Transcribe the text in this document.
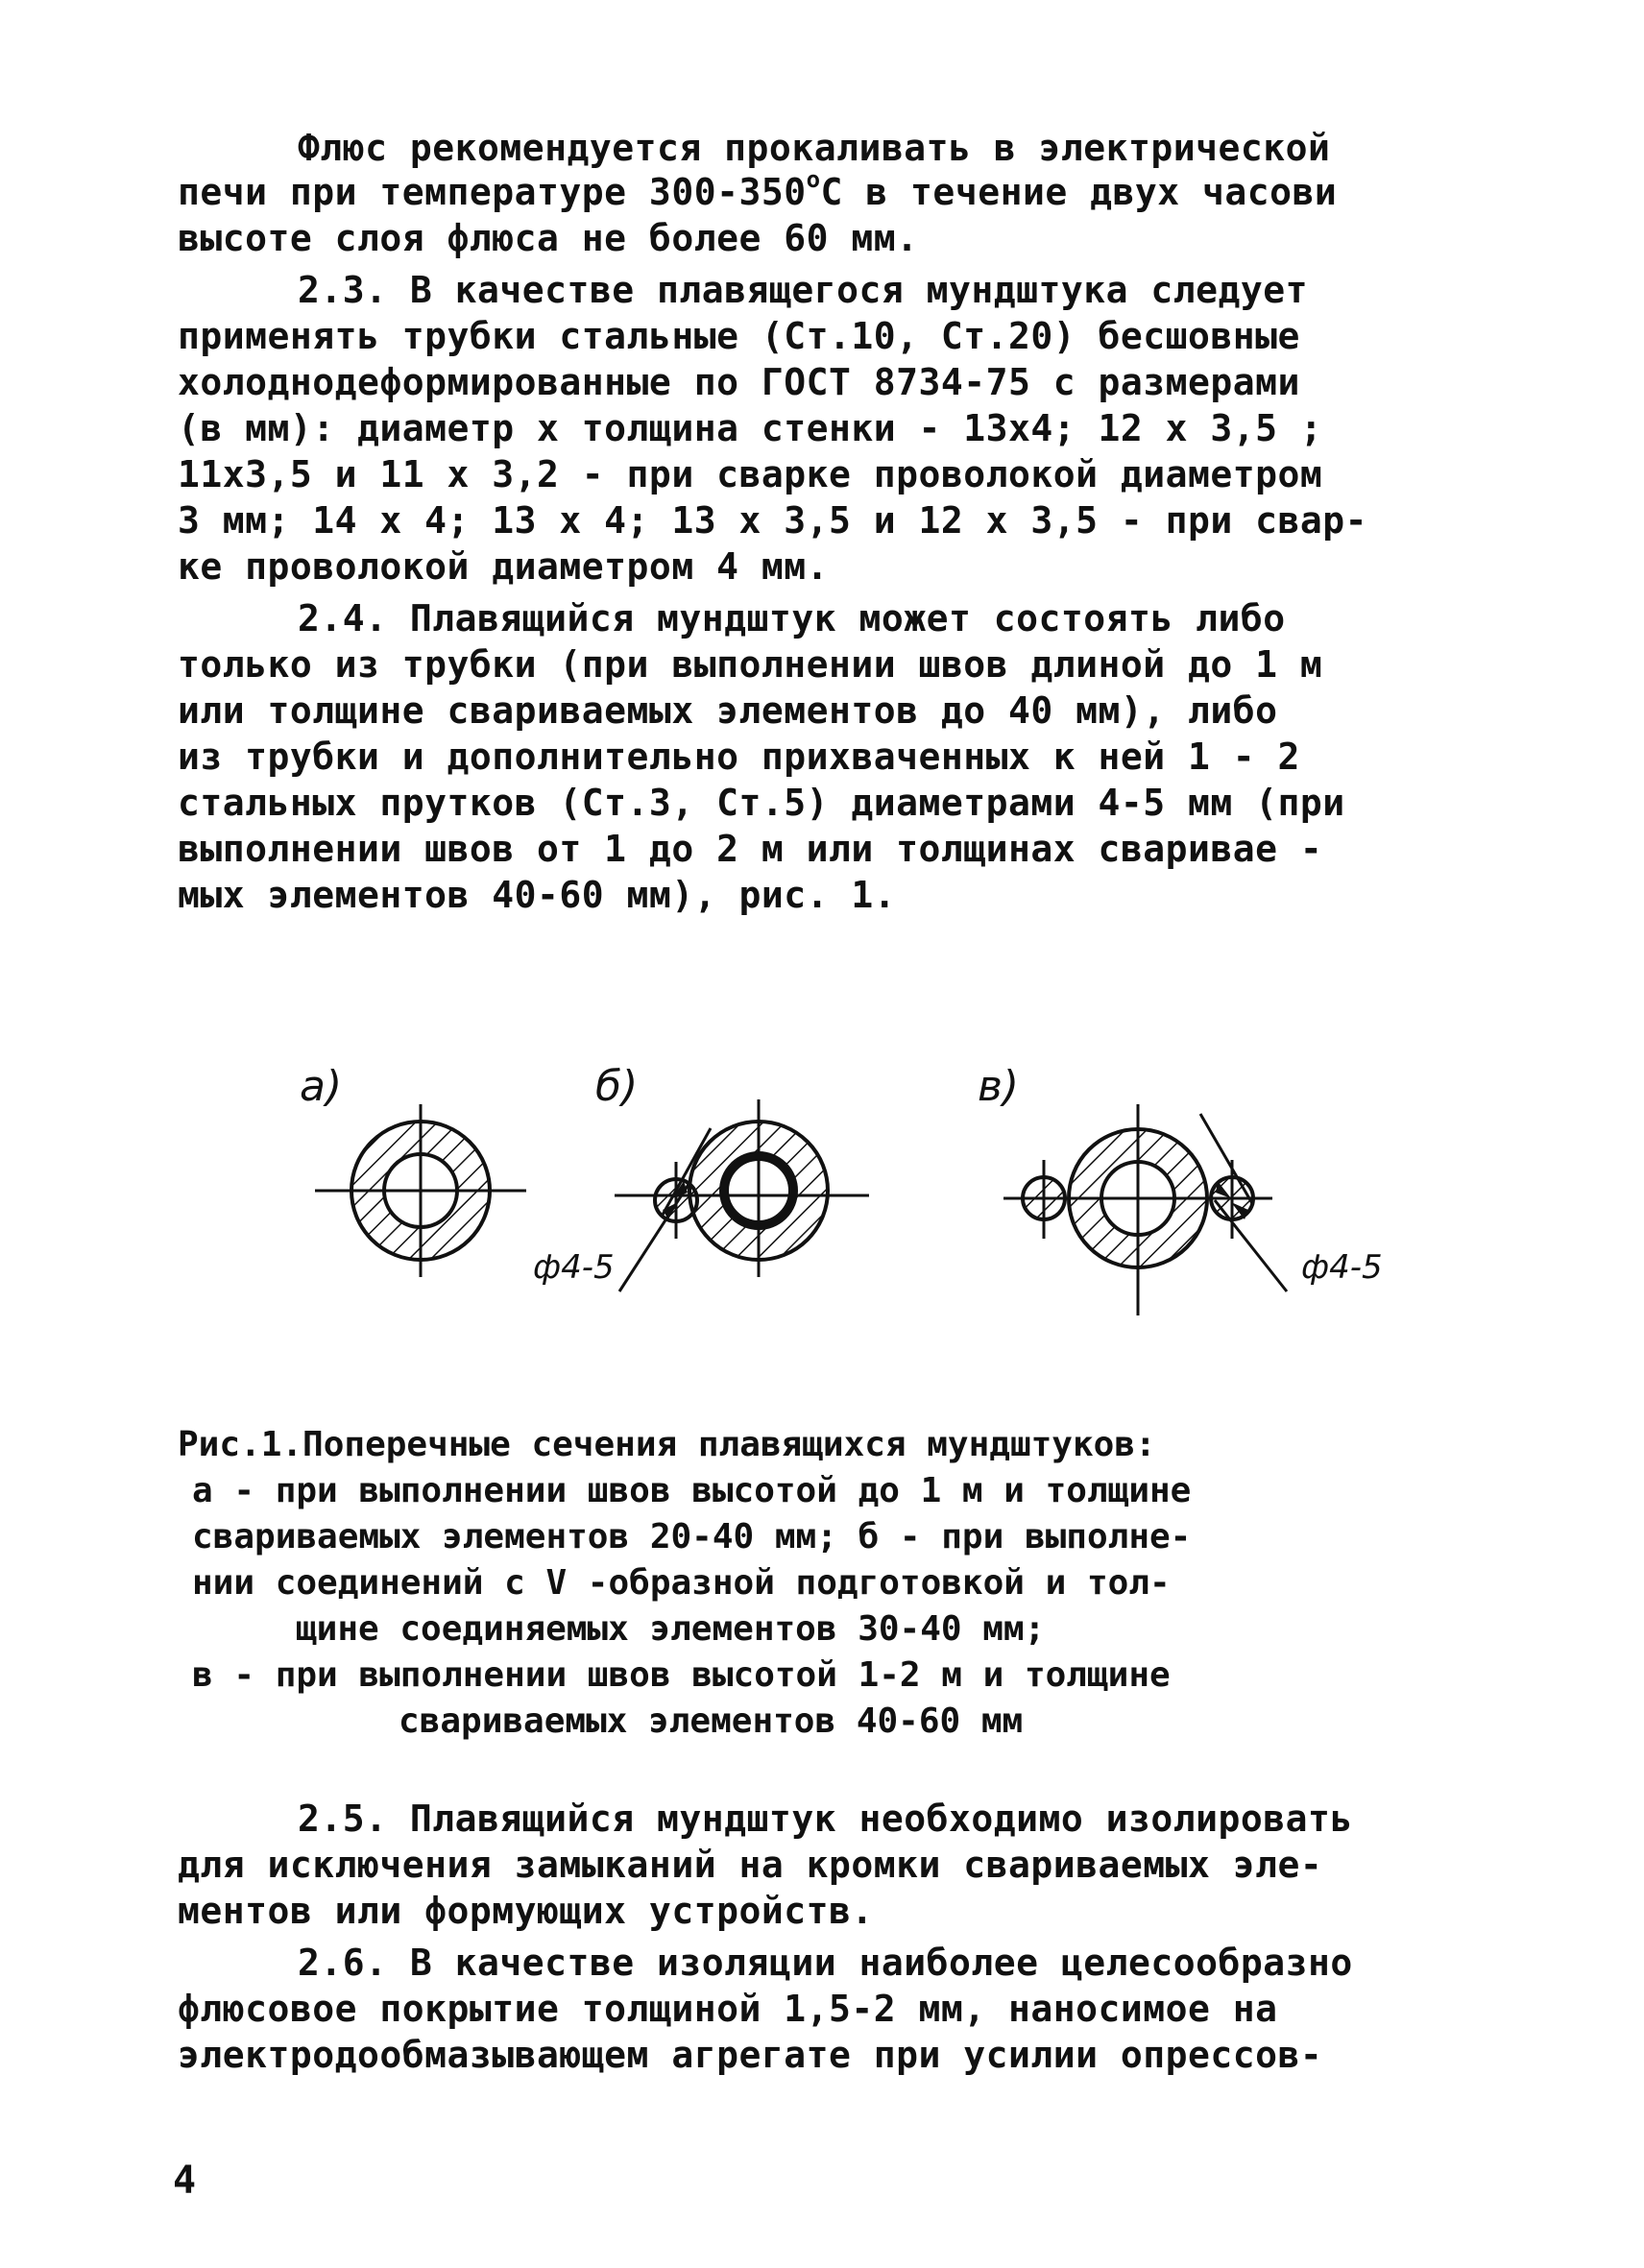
Флюс рекомендуется прокаливать в электрической
печи при температуре $300-350^оС$ в течение двух часови
высоте слоя флюса не более 60 мм.
2.3. В качестве плавящегося мундштука следует
применять трубки стальные (Ст.10, Ст.20) бесшовные
холоднодеформированные по ГОСТ 8734-75 с размерами
(в мм): диаметр х толщина стенки - 13х4; 12 х 3,5 ;
11х3,5 и 11 х 3,2 - при сварке проволокой диаметром
3 мм; 14 х 4; 13 х 4; 13 х 3,5 и 12 х 3,5 - при свар-
ке проволокой диаметром 4 мм.
2.4. Плавящийся мундштук может состоять либо
только из трубки (при выполнении швов длиной до 1 м
или толщине свариваемых элементов до 40 мм), либо
из трубки и дополнительно прихваченных к ней 1 - 2
стальных прутков (Ст.3, Ст.5) диаметрами 4-5 мм (при
выполнении швов от 1 до 2 м или толщинах сваривае -
мых элементов 40-60 мм), рис. 1.
а)	б)	в)
ф4-5	ф4-5
Рис.1.Поперечные сечения плавящихся мундштуков:
а - при выполнении швов высотой до 1 м и толщине
свариваемых элементов 20-40 мм; б - при выполне-
нии соединений с V -образной подготовкой и тол-
щине соединяемых элементов 30-40 мм;
в - при выполнении швов высотой 1-2 м и толщине
свариваемых элементов 40-60 мм
2.5. Плавящийся мундштук необходимо изолировать
для исключения замыканий на кромки свариваемых эле-
ментов или формующих устройств.
2.6. В качестве изоляции наиболее целесообразно
флюсовое покрытие толщиной 1,5-2 мм, наносимое на
электродообмазывающем агрегате при усилии опрессов-
4
